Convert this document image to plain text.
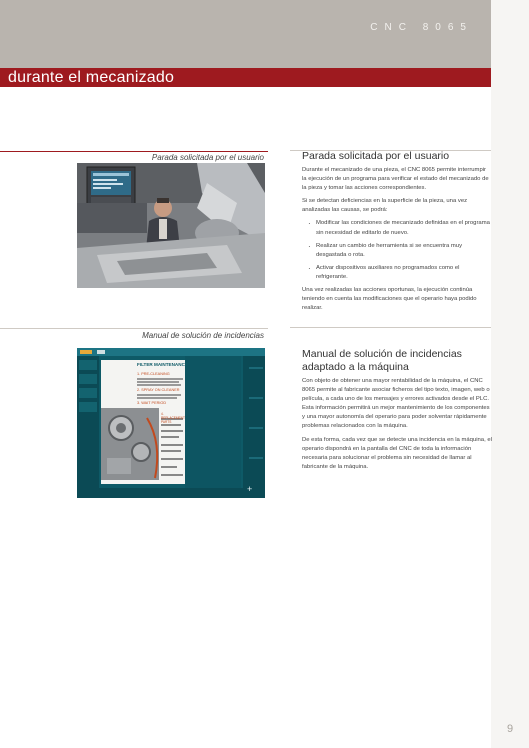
CNC 8065
durante el mecanizado
Parada solicitada por el usuario	Parada solicitada por el usuario

Durante el mecanizado de una pieza, el CNC 8065 permite interrumpir la ejecución de un programa para verificar el estado del mecanizado de la pieza y tomar las acciones correspondientes.

Si se detectan deficiencias en la superficie de la pieza, una vez analizadas las causas, se podrá:

· Modificar las condiciones de mecanizado definidas en el programa sin necesidad de editarlo de nuevo.
· Realizar un cambio de herramienta si se encuentra muy desgastada o rota.
· Activar dispositivos auxiliares no programados como el refrigerante.

Una vez realizadas las acciones oportunas, la ejecución continúa teniendo en cuenta las modificaciones que el operario haya podido realizar.

Manual de solución de incidencias
FILTER MAINTENANCE
1. PRE-CLEANING
2. SPRAY ON CLEANER
3. WAIT PERIOD
4. REPLACEMENT PARTS
+
Manual de solución de incidencias
adaptado a la máquina

Con objeto de obtener una mayor rentabilidad de la máquina, el CNC 8065 permite al fabricante asociar ficheros del tipo texto, imagen, web o película, a cada uno de los mensajes y errores activados desde el PLC. Esta información permitirá un mejor mantenimiento de los componentes y una mayor autonomía del operario para poder solventar rápidamente problemas relacionados con la máquina.

De esta forma, cada vez que se detecte una incidencia en la máquina, el operario dispondrá en la pantalla del CNC de toda la información necesaria para solucionar el problema sin necesidad de llamar al fabricante de la máquina.

9
